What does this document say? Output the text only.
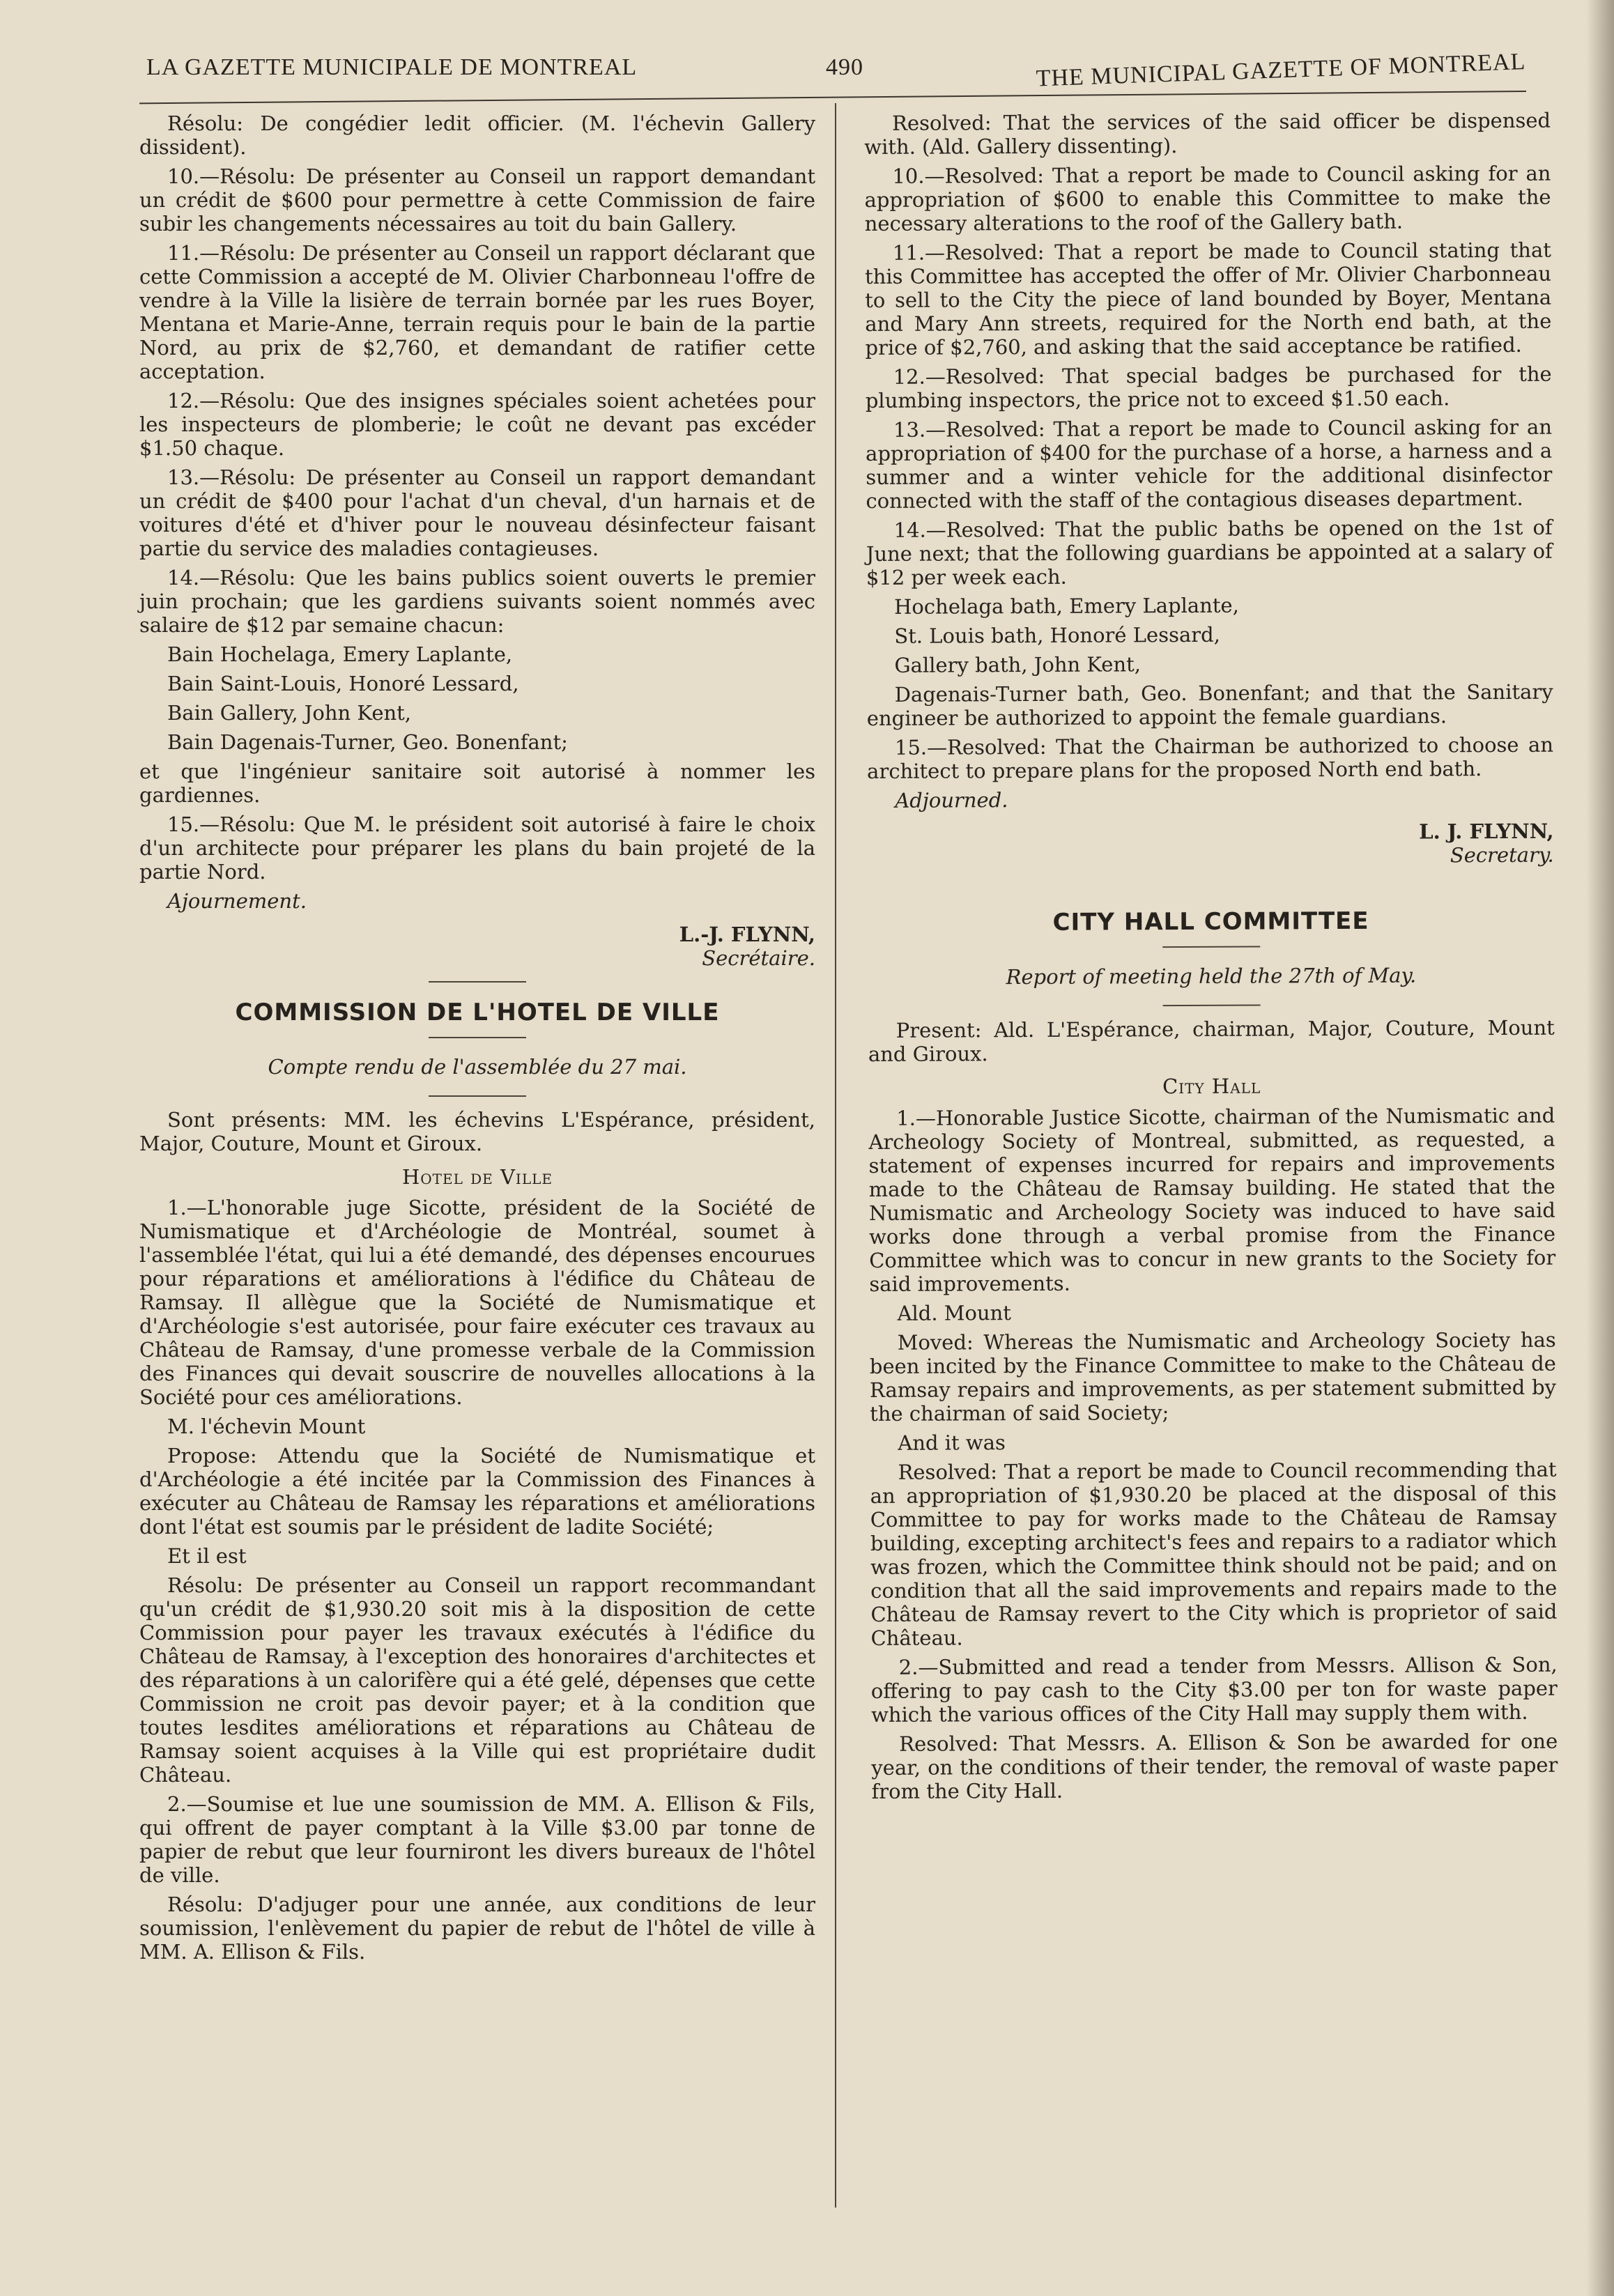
LA GAZETTE MUNICIPALE DE MONTREAL	490	THE MUNICIPAL GAZETTE OF MONTREAL

Résolu: De congédier ledit officier. (M. l'échevin Gallery dissident).

10.—Résolu: De présenter au Conseil un rapport demandant un crédit de $600 pour permettre à cette Commission de faire subir les changements nécessaires au toit du bain Gallery.

11.—Résolu: De présenter au Conseil un rapport déclarant que cette Commission a accepté de M. Olivier Charbonneau l'offre de vendre à la Ville la lisière de terrain bornée par les rues Boyer, Mentana et Marie-Anne, terrain requis pour le bain de la partie Nord, au prix de $2,760, et demandant de ratifier cette acceptation.

12.—Résolu: Que des insignes spéciales soient achetées pour les inspecteurs de plomberie; le coût ne devant pas excéder $1.50 chaque.

13.—Résolu: De présenter au Conseil un rapport demandant un crédit de $400 pour l'achat d'un cheval, d'un harnais et de voitures d'été et d'hiver pour le nouveau désinfecteur faisant partie du service des maladies contagieuses.

14.—Résolu: Que les bains publics soient ouverts le premier juin prochain; que les gardiens suivants soient nommés avec salaire de $12 par semaine chacun:

Bain Hochelaga, Emery Laplante,

Bain Saint-Louis, Honoré Lessard,

Bain Gallery, John Kent,

Bain Dagenais-Turner, Geo. Bonenfant;

et que l'ingénieur sanitaire soit autorisé à nommer les gardiennes.

15.—Résolu: Que M. le président soit autorisé à faire le choix d'un architecte pour préparer les plans du bain projeté de la partie Nord.

Ajournement.

L.-J. FLYNN,

Secrétaire.

COMMISSION DE L'HOTEL DE VILLE

Compte rendu de l'assemblée du 27 mai.

Sont présents: MM. les échevins L'Espérance, président, Major, Couture, Mount et Giroux.

Hotel de Ville

1.—L'honorable juge Sicotte, président de la Société de Numismatique et d'Archéologie de Montréal, soumet à l'assemblée l'état, qui lui a été demandé, des dépenses encourues pour réparations et améliorations à l'édifice du Château de Ramsay. Il allègue que la Société de Numismatique et d'Archéologie s'est autorisée, pour faire exécuter ces travaux au Château de Ramsay, d'une promesse verbale de la Commission des Finances qui devait souscrire de nouvelles allocations à la Société pour ces améliorations.

M. l'échevin Mount

Propose: Attendu que la Société de Numismatique et d'Archéologie a été incitée par la Commission des Finances à exécuter au Château de Ramsay les réparations et améliorations dont l'état est soumis par le président de ladite Société;

Et il est

Résolu: De présenter au Conseil un rapport recommandant qu'un crédit de $1,930.20 soit mis à la disposition de cette Commission pour payer les travaux exécutés à l'édifice du Château de Ramsay, à l'exception des honoraires d'architectes et des réparations à un calorifère qui a été gelé, dépenses que cette Commission ne croit pas devoir payer; et à la condition que toutes lesdites améliorations et réparations au Château de Ramsay soient acquises à la Ville qui est propriétaire dudit Château.

2.—Soumise et lue une soumission de MM. A. Ellison & Fils, qui offrent de payer comptant à la Ville $3.00 par tonne de papier de rebut que leur fourniront les divers bureaux de l'hôtel de ville.

Résolu: D'adjuger pour une année, aux conditions de leur soumission, l'enlèvement du papier de rebut de l'hôtel de ville à MM. A. Ellison & Fils.

Resolved: That the services of the said officer be dispensed with. (Ald. Gallery dissenting).

10.—Resolved: That a report be made to Council asking for an appropriation of $600 to enable this Committee to make the necessary alterations to the roof of the Gallery bath.

11.—Resolved: That a report be made to Council stating that this Committee has accepted the offer of Mr. Olivier Charbonneau to sell to the City the piece of land bounded by Boyer, Mentana and Mary Ann streets, required for the North end bath, at the price of $2,760, and asking that the said acceptance be ratified.

12.—Resolved: That special badges be purchased for the plumbing inspectors, the price not to exceed $1.50 each.

13.—Resolved: That a report be made to Council asking for an appropriation of $400 for the purchase of a horse, a harness and a summer and a winter vehicle for the additional disinfector connected with the staff of the contagious diseases department.

14.—Resolved: That the public baths be opened on the 1st of June next; that the following guardians be appointed at a salary of $12 per week each.

Hochelaga bath, Emery Laplante,

St. Louis bath, Honoré Lessard,

Gallery bath, John Kent,

Dagenais-Turner bath, Geo. Bonenfant; and that the Sanitary engineer be authorized to appoint the female guardians.

15.—Resolved: That the Chairman be authorized to choose an architect to prepare plans for the proposed North end bath.

Adjourned.

L. J. FLYNN,

Secretary.

CITY HALL COMMITTEE

Report of meeting held the 27th of May.

Present: Ald. L'Espérance, chairman, Major, Couture, Mount and Giroux.

City Hall

1.—Honorable Justice Sicotte, chairman of the Numismatic and Archeology Society of Montreal, submitted, as requested, a statement of expenses incurred for repairs and improvements made to the Château de Ramsay building. He stated that the Numismatic and Archeology Society was induced to have said works done through a verbal promise from the Finance Committee which was to concur in new grants to the Society for said improvements.

Ald. Mount

Moved: Whereas the Numismatic and Archeology Society has been incited by the Finance Committee to make to the Château de Ramsay repairs and improvements, as per statement submitted by the chairman of said Society;

And it was

Resolved: That a report be made to Council recommending that an appropriation of $1,930.20 be placed at the disposal of this Committee to pay for works made to the Château de Ramsay building, excepting architect's fees and repairs to a radiator which was frozen, which the Committee think should not be paid; and on condition that all the said improvements and repairs made to the Château de Ramsay revert to the City which is proprietor of said Château.

2.—Submitted and read a tender from Messrs. Allison & Son, offering to pay cash to the City $3.00 per ton for waste paper which the various offices of the City Hall may supply them with.

Resolved: That Messrs. A. Ellison & Son be awarded for one year, on the conditions of their tender, the removal of waste paper from the City Hall.
